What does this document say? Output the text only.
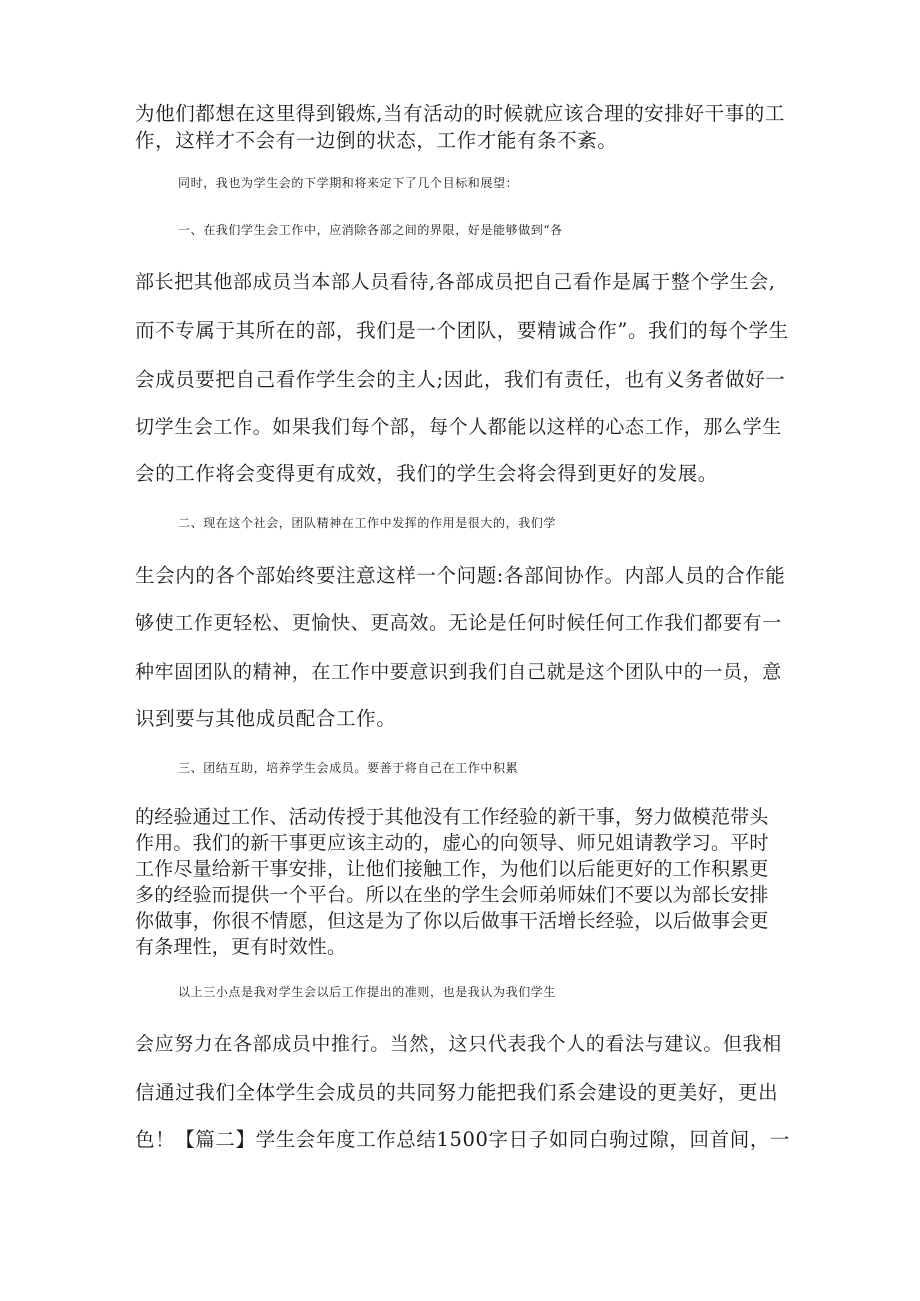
为他们都想在这里得到锻炼,当有活动的时候就应该合理的安排好干事的工
作，这样才不会有一边倒的状态，工作才能有条不紊。
同时，我也为学生会的下学期和将来定下了几个目标和展望：
一、在我们学生会工作中，应消除各部之间的界限，好是能够做到“各
部长把其他部成员当本部人员看待,各部成员把自己看作是属于整个学生会,
而不专属于其所在的部，我们是一个团队，要精诚合作”。我们的每个学生
会成员要把自己看作学生会的主人;因此，我们有责任，也有义务者做好一
切学生会工作。如果我们每个部，每个人都能以这样的心态工作，那么学生
会的工作将会变得更有成效，我们的学生会将会得到更好的发展。
二、现在这个社会，团队精神在工作中发挥的作用是很大的，我们学
生会内的各个部始终要注意这样一个问题:各部间协作。内部人员的合作能
够使工作更轻松、更愉快、更高效。无论是任何时候任何工作我们都要有一
种牢固团队的精神，在工作中要意识到我们自己就是这个团队中的一员，意
识到要与其他成员配合工作。
三、团结互助，培养学生会成员。要善于将自己在工作中积累
的经验通过工作、活动传授于其他没有工作经验的新干事，努力做模范带头
作用。我们的新干事更应该主动的，虚心的向领导、师兄姐请教学习。平时
工作尽量给新干事安排，让他们接触工作，为他们以后能更好的工作积累更
多的经验而提供一个平台。所以在坐的学生会师弟师妹们不要以为部长安排
你做事，你很不情愿，但这是为了你以后做事干活增长经验，以后做事会更
有条理性，更有时效性。
以上三小点是我对学生会以后工作提出的准则，也是我认为我们学生
会应努力在各部成员中推行。当然，这只代表我个人的看法与建议。但我相
信通过我们全体学生会成员的共同努力能把我们系会建设的更美好，更出
色！【篇二】学生会年度工作总结1500字日子如同白驹过隙，回首间，一
